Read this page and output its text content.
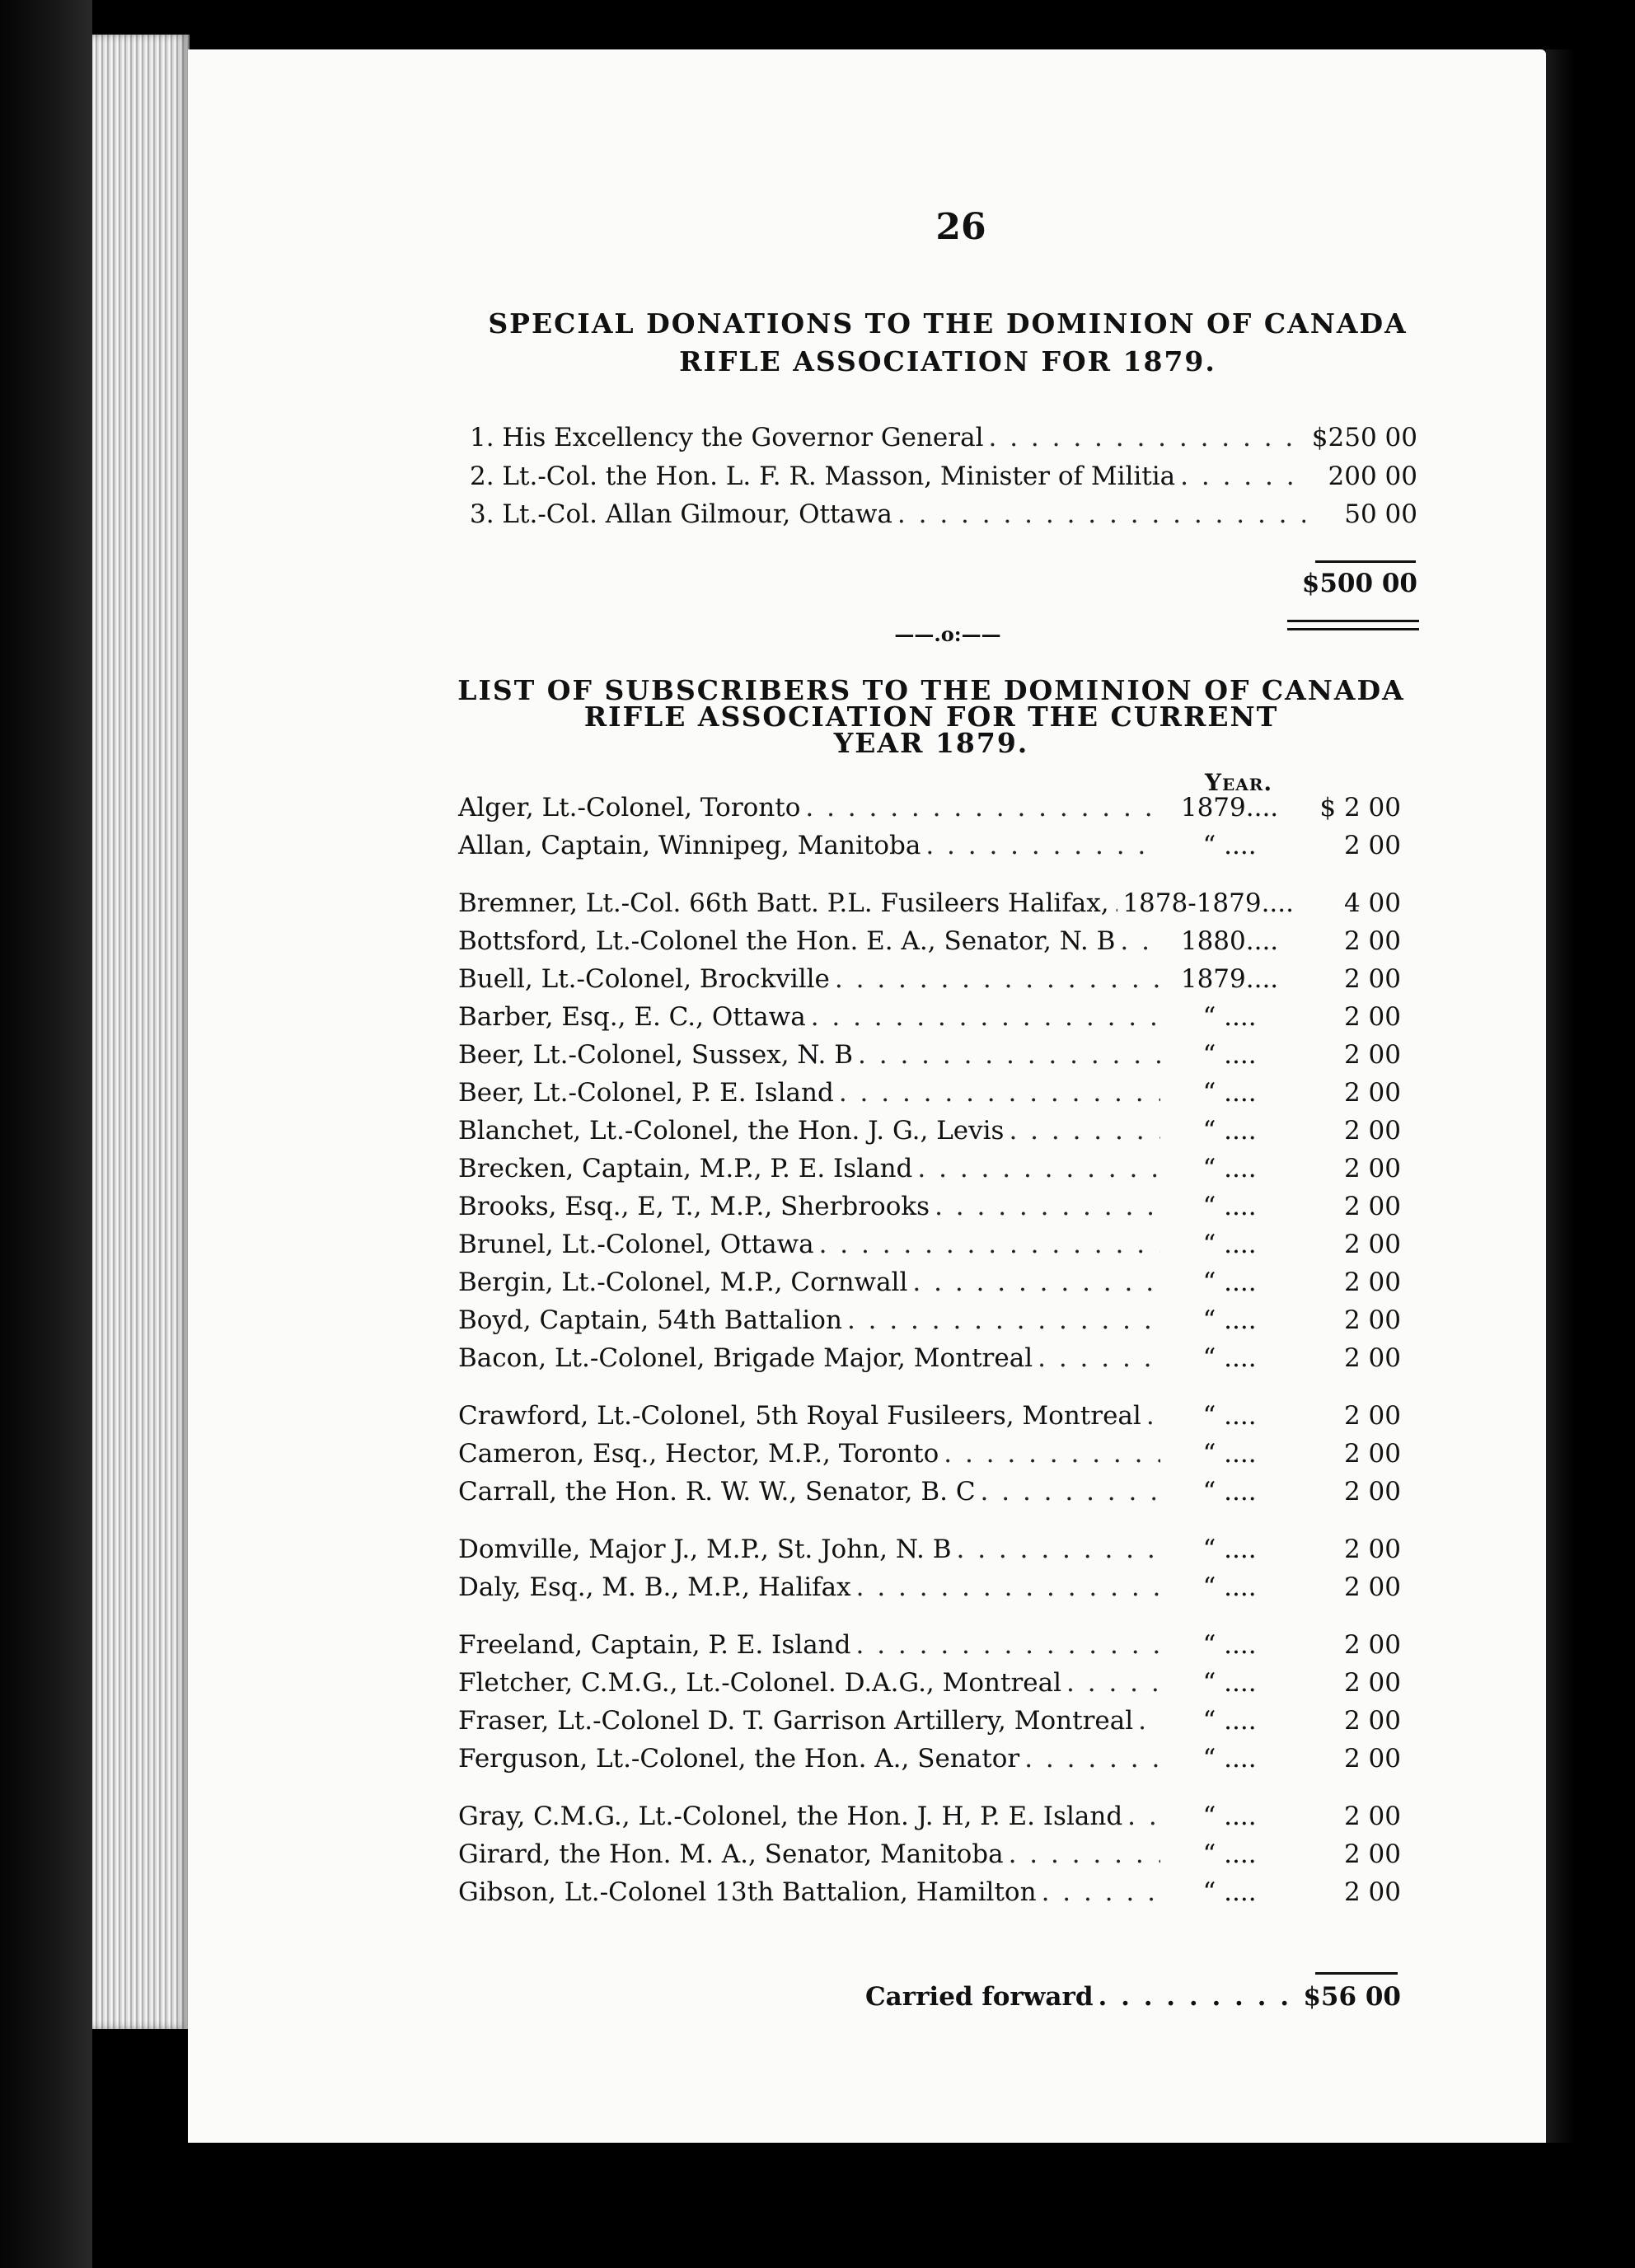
26
SPECIAL DONATIONS TO THE DOMINION OF CANADA
RIFLE ASSOCIATION FOR 1879.
1. His Excellency the Governor General . . .	$250 00
2. Lt.-Col. the Hon. L. F. R. Masson, Minister of Militia . . .	200 00
3. Lt.-Col. Allan Gilmour, Ottawa . . .	50 00
$500 00
——.o:——
LIST OF SUBSCRIBERS TO THE DOMINION OF CANADA
RIFLE ASSOCIATION FOR THE CURRENT
YEAR 1879.
Year.
Alger, Lt.-Colonel, Toronto . . .	1879....	$ 2 00
Allan, Captain, Winnipeg, Manitoba . . .	“ ....	2 00
Bremner, Lt.-Col. 66th Batt. P.L. Fusileers Halifax, . . . 1878-1879....	4 00
Bottsford, Lt.-Colonel the Hon. E. A., Senator, N. B . . .	1880....	2 00
Buell, Lt.-Colonel, Brockville . . .	1879....	2 00
Barber, Esq., E. C., Ottawa . . .	“ ....	2 00
Beer, Lt.-Colonel, Sussex, N. B . . .	“ ....	2 00
Beer, Lt.-Colonel, P. E. Island . . .	“ ....	2 00
Blanchet, Lt.-Colonel, the Hon. J. G., Levis . . .	“ ....	2 00
Brecken, Captain, M.P., P. E. Island . . .	“ ....	2 00
Brooks, Esq., E, T., M.P., Sherbrooks . . .	“ ....	2 00
Brunel, Lt.-Colonel, Ottawa . . .	“ ....	2 00
Bergin, Lt.-Colonel, M.P., Cornwall . . .	“ ....	2 00
Boyd, Captain, 54th Battalion . . .	“ ....	2 00
Bacon, Lt.-Colonel, Brigade Major, Montreal . . .	“ ....	2 00
Crawford, Lt.-Colonel, 5th Royal Fusileers, Montreal . . .	“ ....	2 00
Cameron, Esq., Hector, M.P., Toronto . . .	“ ....	2 00
Carrall, the Hon. R. W. W., Senator, B. C . . .	“ ....	2 00
Domville, Major J., M.P., St. John, N. B . . .	“ ....	2 00
Daly, Esq., M. B., M.P., Halifax . . .	“ ....	2 00
Freeland, Captain, P. E. Island . . .	“ ....	2 00
Fletcher, C.M.G., Lt.-Colonel. D.A.G., Montreal . . .	“ ....	2 00
Fraser, Lt.-Colonel D. T. Garrison Artillery, Montreal . . .	“ ....	2 00
Ferguson, Lt.-Colonel, the Hon. A., Senator . . .	“ ....	2 00
Gray, C.M.G., Lt.-Colonel, the Hon. J. H, P. E. Island . . .	“ ....	2 00
Girard, the Hon. M. A., Senator, Manitoba . . .	“ ....	2 00
Gibson, Lt.-Colonel 13th Battalion, Hamilton . . .	“ ....	2 00
Carried forward . . .	$56 00
